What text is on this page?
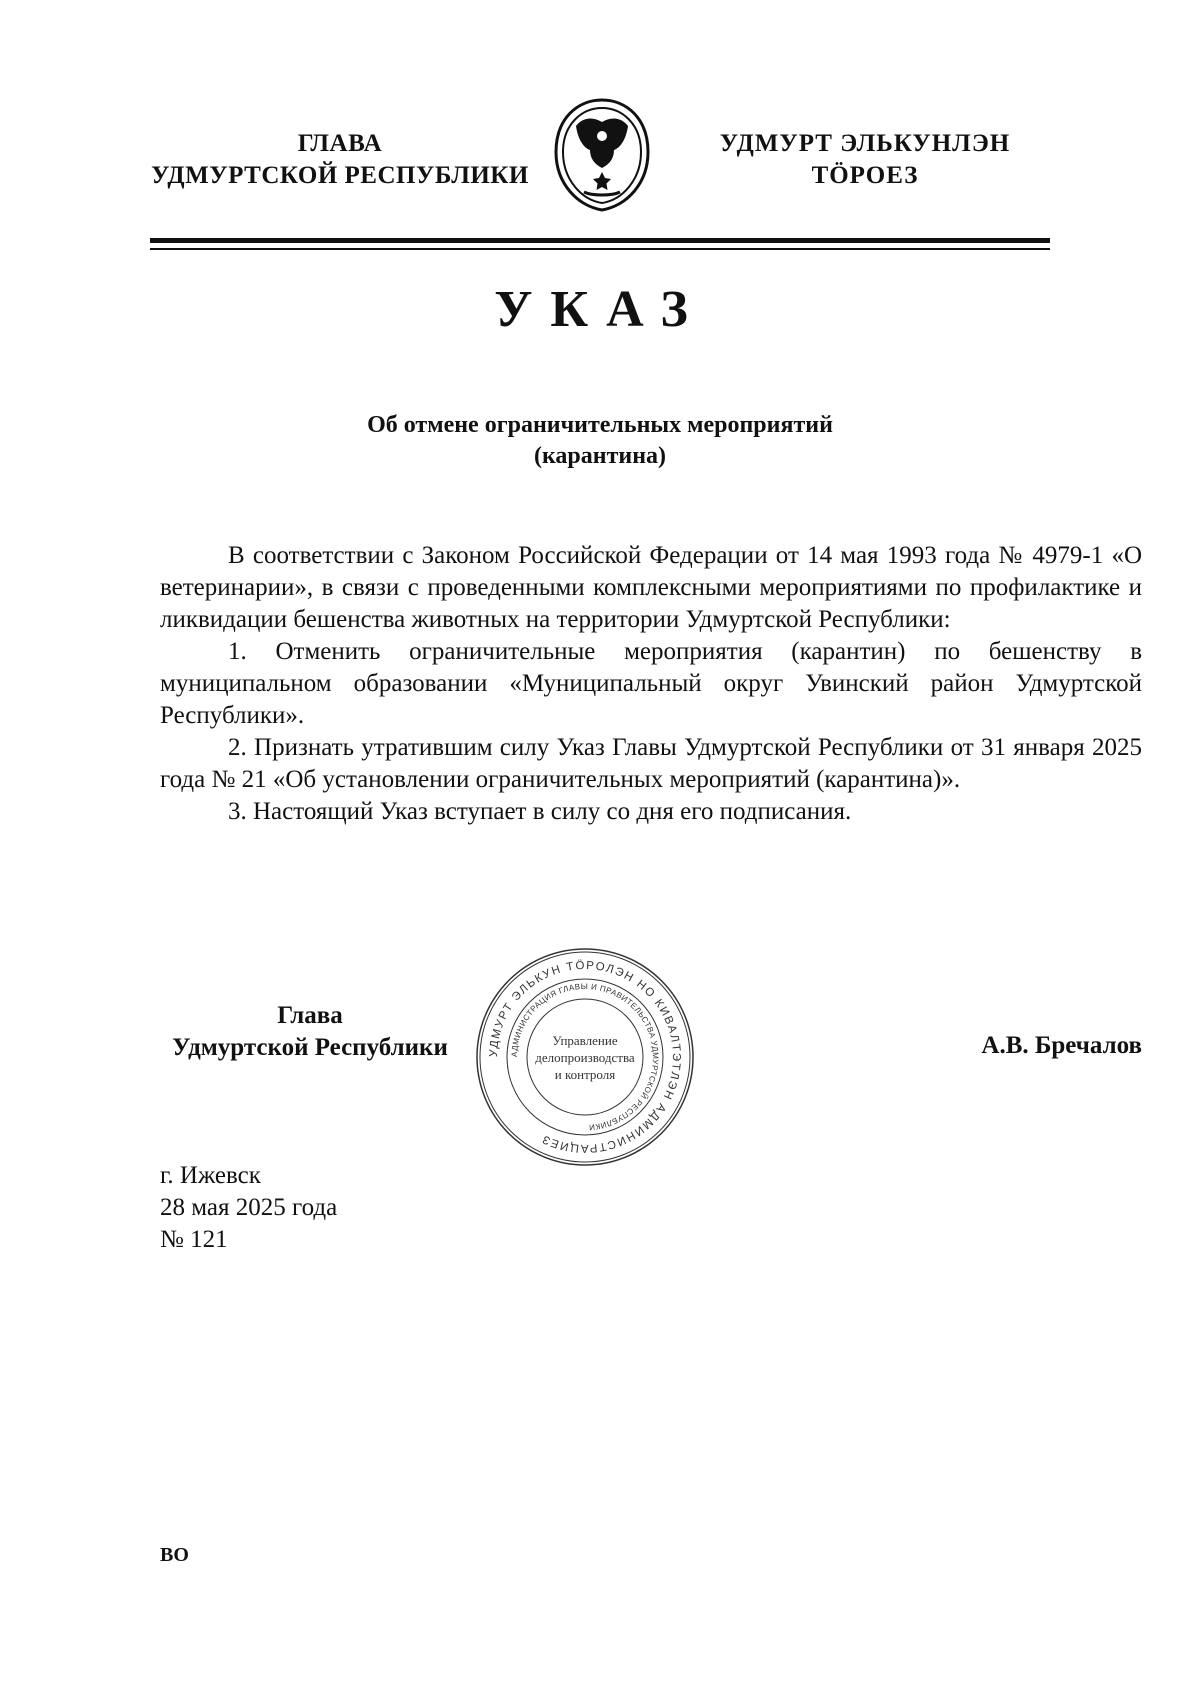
ГЛАВА
УДМУРТСКОЙ РЕСПУБЛИКИ
УДМУРТ ЭЛЬКУНЛЭН
ТӦРОЕЗ
УКАЗ
Об отмене ограничительных мероприятий
(карантина)

В соответствии с Законом Российской Федерации от 14 мая 1993 года № 4979-1 «О ветеринарии», в связи с проведенными комплексными мероприятиями по профилактике и ликвидации бешенства животных на территории Удмуртской Республики:

1. Отменить ограничительные мероприятия (карантин) по бешенству в муниципальном образовании «Муниципальный округ Увинский район Удмуртской Республики».

2. Признать утратившим силу Указ Главы Удмуртской Республики от 31 января 2025 года № 21 «Об установлении ограничительных мероприятий (карантина)».

3. Настоящий Указ вступает в силу со дня его подписания.

Глава
Удмуртской Республики	УДМУРТ ЭЛЬКУН ТӦРОЛЭН НО КИВАЛТЭТЛЭН АДМИНИСТРАЦИЕЗ
АДМИНИСТРАЦИЯ ГЛАВЫ И ПРАВИТЕЛЬСТВА УДМУРТСКОЙ РЕСПУБЛИКИ
Управление
делопроизводства
и контроля
А.В. Бречалов
г. Ижевск
28 мая 2025 года
№ 121
ВО
